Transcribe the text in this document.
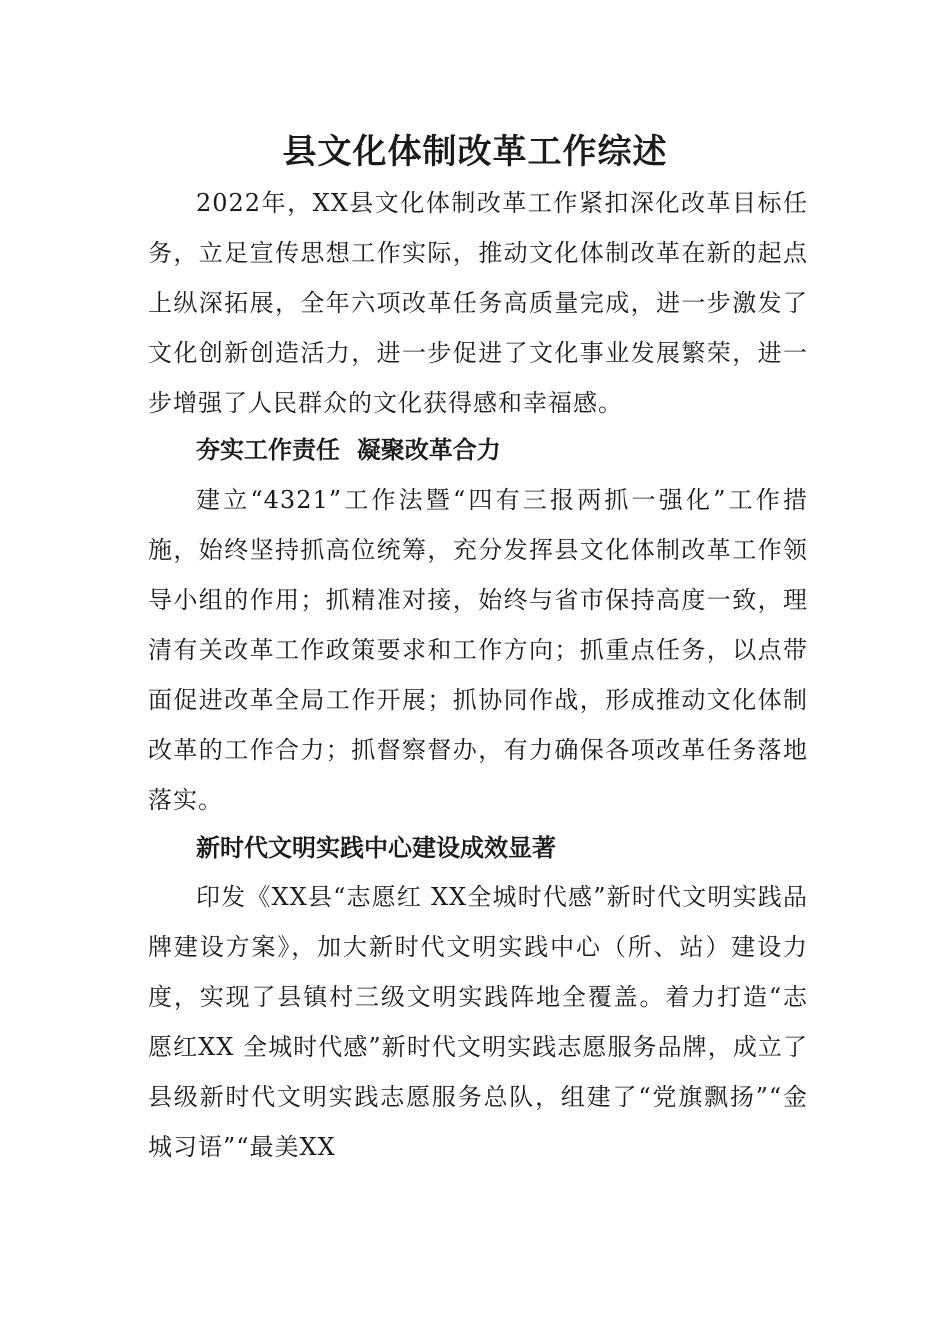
县文化体制改革工作综述

2022年，XX县文化体制改革工作紧扣深化改革目标任务，立足宣传思想工作实际，推动文化体制改革在新的起点上纵深拓展，全年六项改革任务高质量完成，进一步激发了文化创新创造活力，进一步促进了文化事业发展繁荣，进一步增强了人民群众的文化获得感和幸福感。

夯实工作责任  凝聚改革合力

建立“4321”工作法暨“四有三报两抓一强化”工作措施，始终坚持抓高位统筹，充分发挥县文化体制改革工作领导小组的作用；抓精准对接，始终与省市保持高度一致，理清有关改革工作政策要求和工作方向；抓重点任务，以点带面促进改革全局工作开展；抓协同作战，形成推动文化体制改革的工作合力；抓督察督办，有力确保各项改革任务落地落实。

新时代文明实践中心建设成效显著

印发《XX县“志愿红 XX全城时代感”新时代文明实践品牌建设方案》，加大新时代文明实践中心（所、站）建设力度，实现了县镇村三级文明实践阵地全覆盖。着力打造“志愿红XX 全城时代感”新时代文明实践志愿服务品牌，成立了县级新时代文明实践志愿服务总队，组建了“党旗飘扬”“金城习语”“最美XX
